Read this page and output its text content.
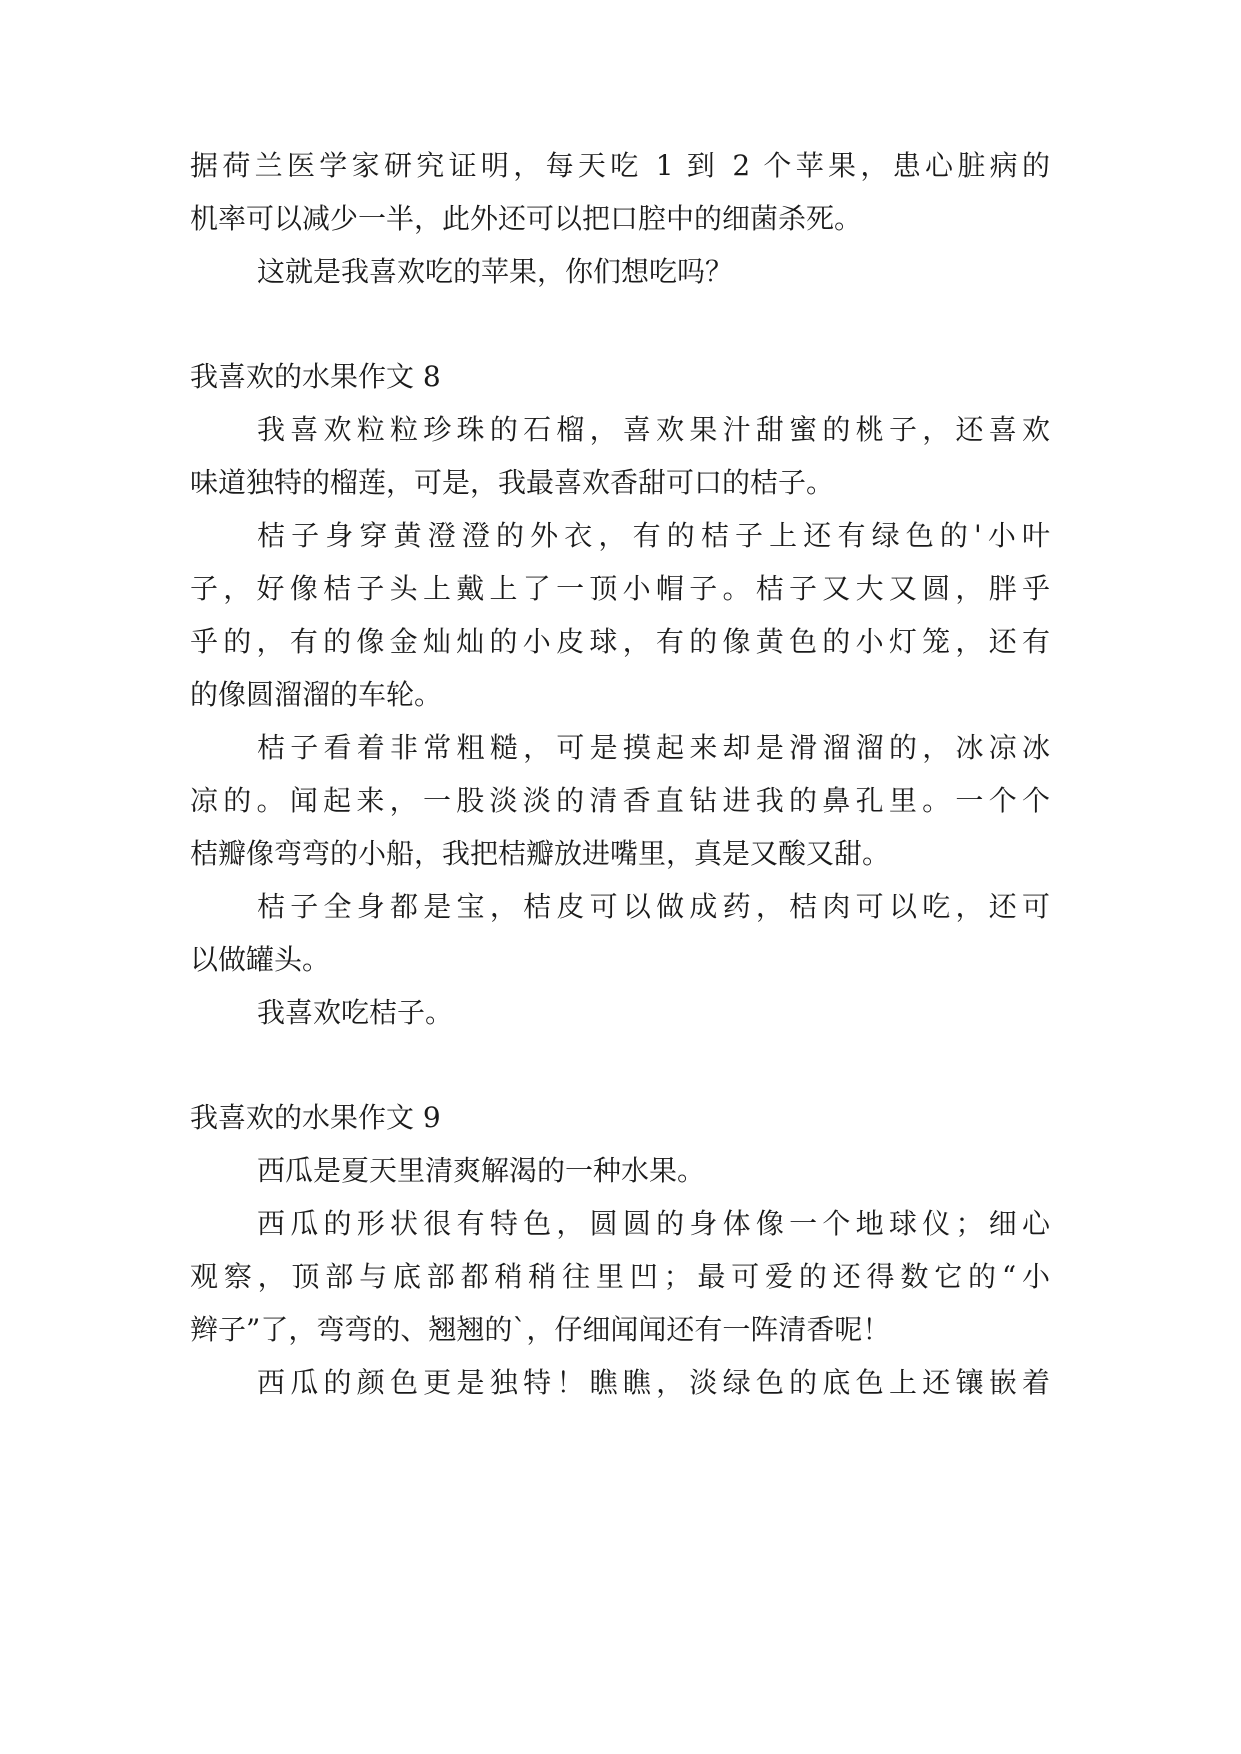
据荷兰医学家研究证明，每天吃 1 到 2 个苹果，患心脏病的
机率可以减少一半，此外还可以把口腔中的细菌杀死。
这就是我喜欢吃的苹果，你们想吃吗？
我喜欢的水果作文 8
我喜欢粒粒珍珠的石榴，喜欢果汁甜蜜的桃子，还喜欢
味道独特的榴莲，可是，我最喜欢香甜可口的桔子。
桔子身穿黄澄澄的外衣，有的桔子上还有绿色的'小叶
子，好像桔子头上戴上了一顶小帽子。桔子又大又圆，胖乎
乎的，有的像金灿灿的小皮球，有的像黄色的小灯笼，还有
的像圆溜溜的车轮。
桔子看着非常粗糙，可是摸起来却是滑溜溜的，冰凉冰
凉的。闻起来，一股淡淡的清香直钻进我的鼻孔里。一个个
桔瓣像弯弯的小船，我把桔瓣放进嘴里，真是又酸又甜。
桔子全身都是宝，桔皮可以做成药，桔肉可以吃，还可
以做罐头。
我喜欢吃桔子。
我喜欢的水果作文 9
西瓜是夏天里清爽解渴的一种水果。
西瓜的形状很有特色，圆圆的身体像一个地球仪；细心
观察，顶部与底部都稍稍往里凹；最可爱的还得数它的“小
辫子”了，弯弯的、翘翘的`，仔细闻闻还有一阵清香呢！
西瓜的颜色更是独特！瞧瞧，淡绿色的底色上还镶嵌着
